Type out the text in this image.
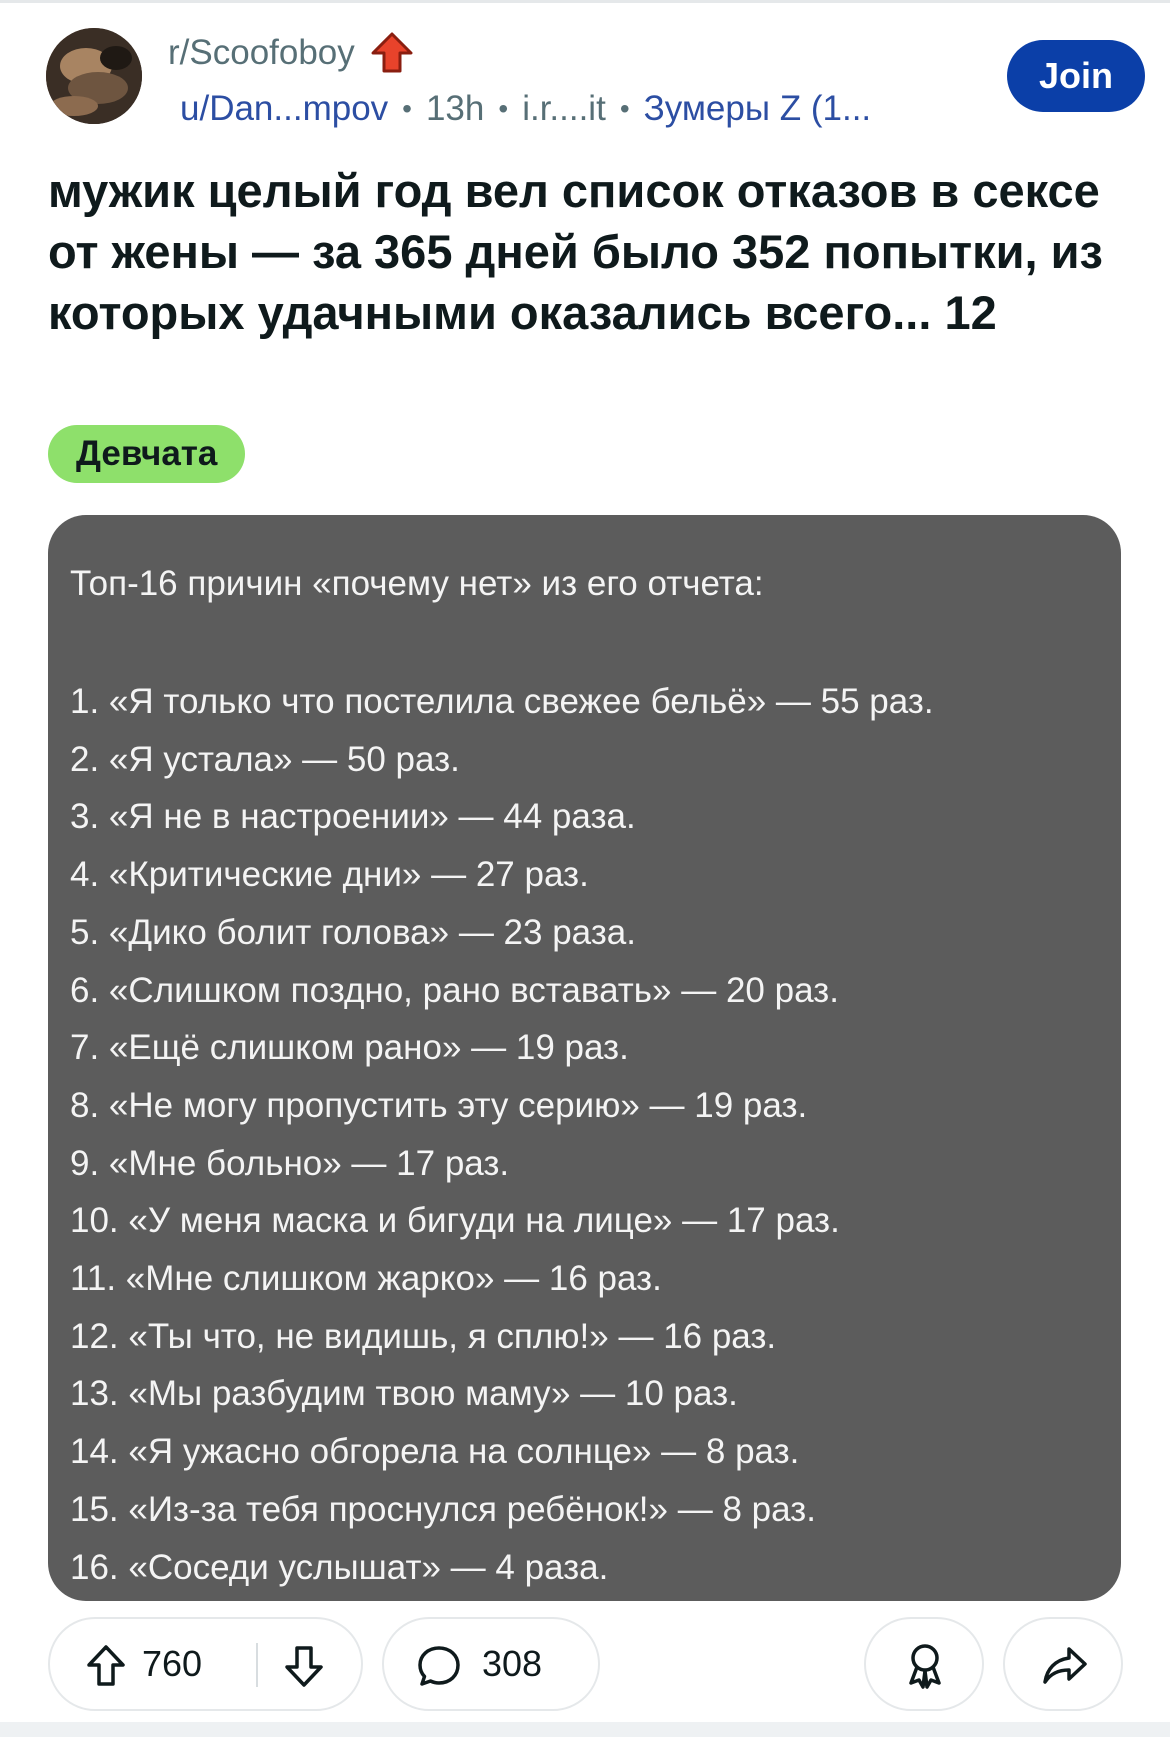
r/Scoofoboy
u/Dan...mpov • 13h • i.r....it • Зумеры Z (1...
Join
мужик целый год вел список отказов в сексе от жены — за 365 дней было 352 попытки, из которых удачными оказались всего... 12
Девчата
Топ-16 причин «почему нет» из его отчета:
1. «Я только что постелила свежее бельё» — 55 раз.
2. «Я устала» — 50 раз.
3. «Я не в настроении» — 44 раза.
4. «Критические дни» — 27 раз.
5. «Дико болит голова» — 23 раза.
6. «Слишком поздно, рано вставать» — 20 раз.
7. «Ещё слишком рано» — 19 раз.
8. «Не могу пропустить эту серию» — 19 раз.
9. «Мне больно» — 17 раз.
10. «У меня маска и бигуди на лице» — 17 раз.
11. «Мне слишком жарко» — 16 раз.
12. «Ты что, не видишь, я сплю!» — 16 раз.
13. «Мы разбудим твою маму» — 10 раз.
14. «Я ужасно обгорела на солнце» — 8 раз.
15. «Из-за тебя проснулся ребёнок!» — 8 раз.
16. «Соседи услышат» — 4 раза.
760	308
